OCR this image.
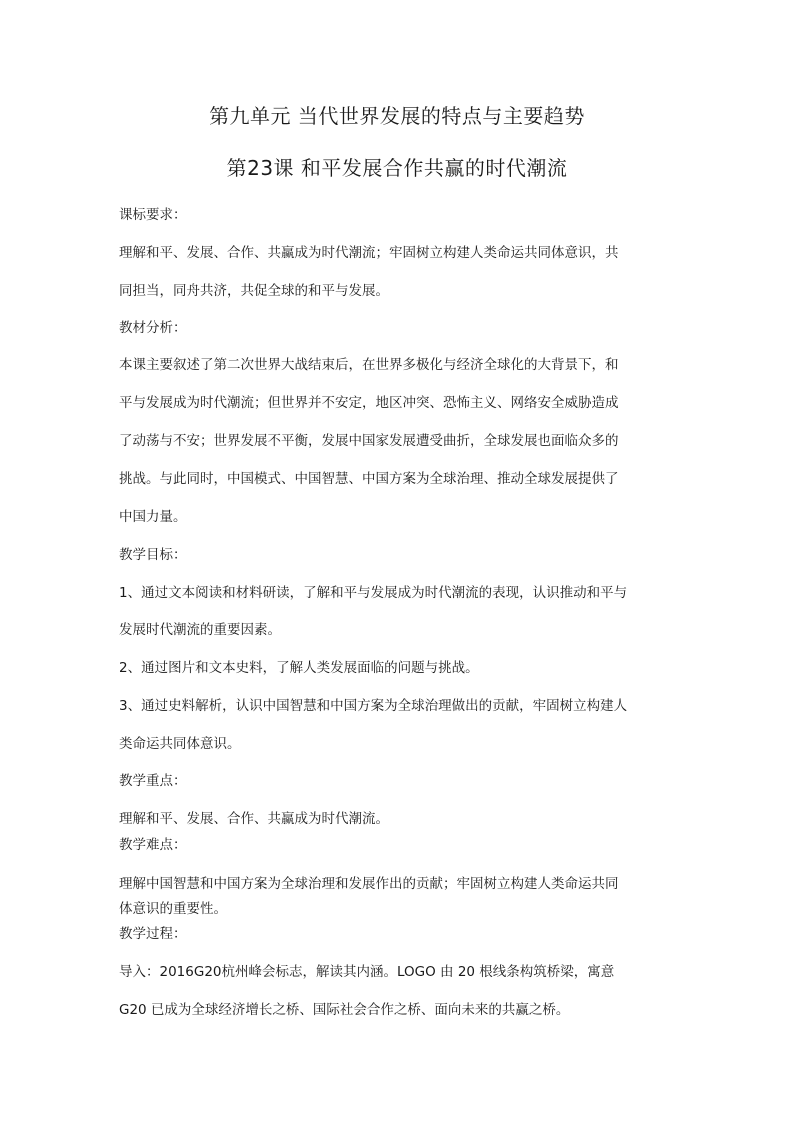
第九单元 当代世界发展的特点与主要趋势
第23课 和平发展合作共赢的时代潮流

课标要求：

理解和平、发展、合作、共赢成为时代潮流；牢固树立构建人类命运共同体意识，共

同担当，同舟共济，共促全球的和平与发展。

教材分析：

本课主要叙述了第二次世界大战结束后，在世界多极化与经济全球化的大背景下，和

平与发展成为时代潮流；但世界并不安定，地区冲突、恐怖主义、网络安全威胁造成

了动荡与不安；世界发展不平衡，发展中国家发展遭受曲折，全球发展也面临众多的

挑战。与此同时，中国模式、中国智慧、中国方案为全球治理、推动全球发展提供了

中国力量。

教学目标：

1、通过文本阅读和材料研读，了解和平与发展成为时代潮流的表现，认识推动和平与

发展时代潮流的重要因素。

2、通过图片和文本史料，了解人类发展面临的问题与挑战。

3、通过史料解析，认识中国智慧和中国方案为全球治理做出的贡献，牢固树立构建人

类命运共同体意识。

教学重点：

理解和平、发展、合作、共赢成为时代潮流。

教学难点：

理解中国智慧和中国方案为全球治理和发展作出的贡献；牢固树立构建人类命运共同

体意识的重要性。

教学过程：

导入：2016G20杭州峰会标志，解读其内涵。LOGO 由 20 根线条构筑桥梁，寓意

G20 已成为全球经济增长之桥、国际社会合作之桥、面向未来的共赢之桥。
